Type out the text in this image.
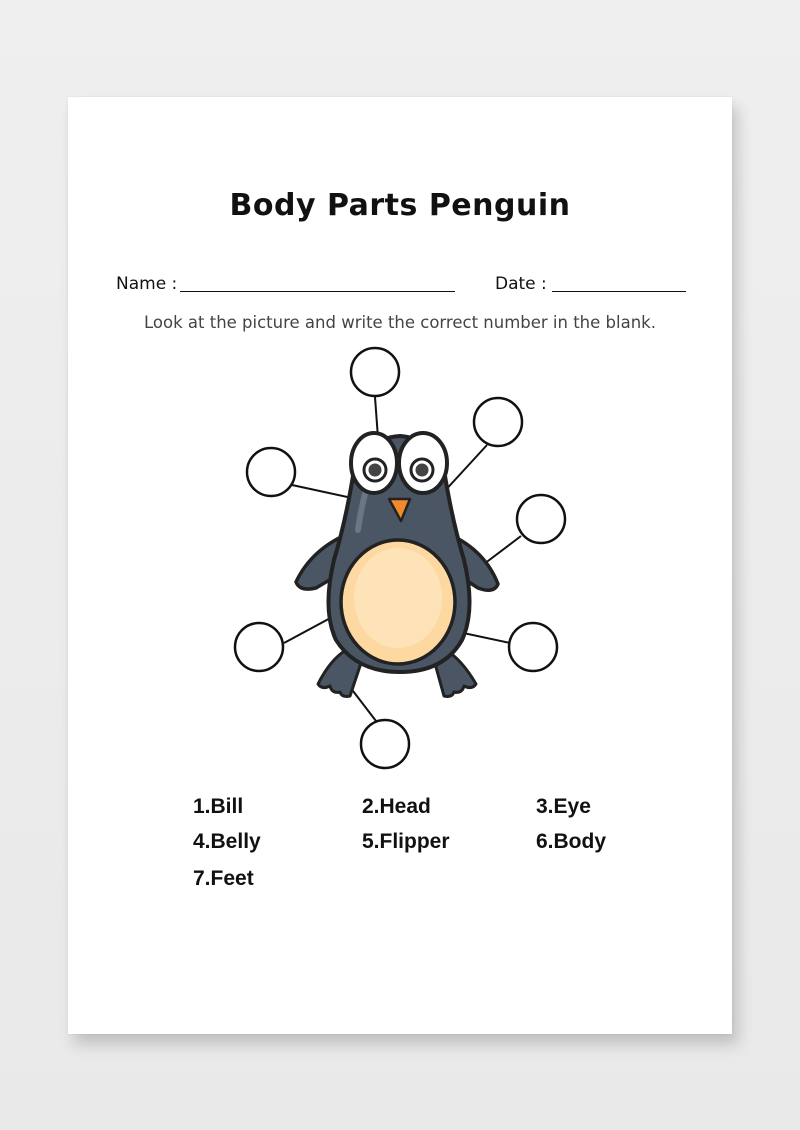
Body Parts Penguin
Name :	Date :
Look at the picture and write the correct number in the blank.
1.Bill	2.Head	3.Eye
4.Belly	5.Flipper	6.Body
7.Feet
